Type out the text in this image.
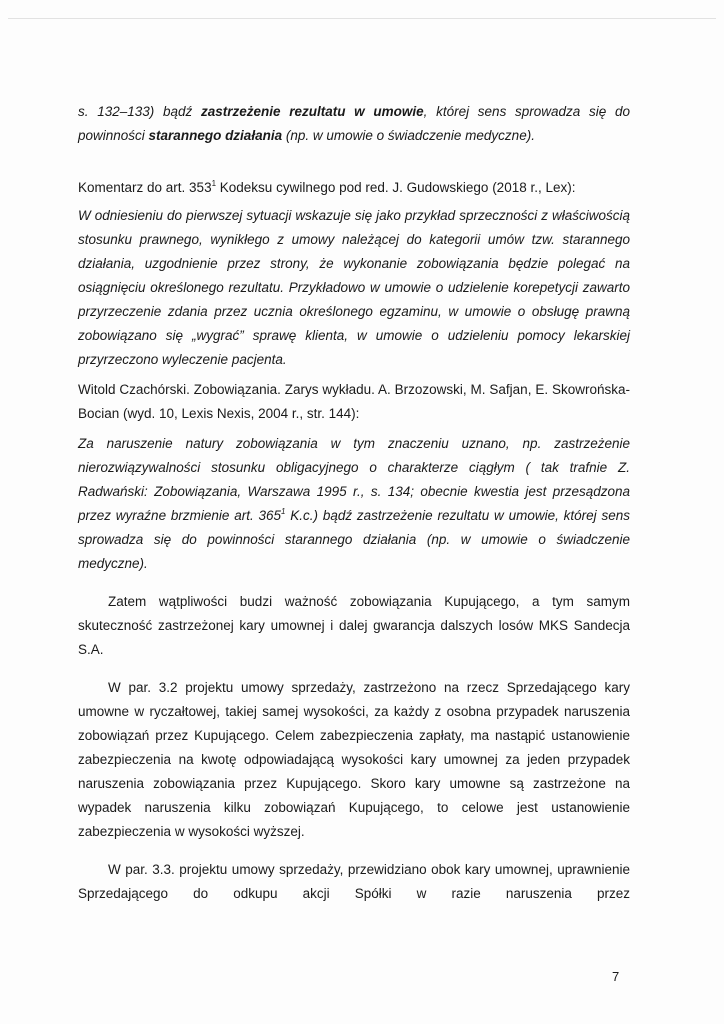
s. 132–133) bądź zastrzeżenie rezultatu w umowie, której sens sprowadza się do powinności starannego działania (np. w umowie o świadczenie medyczne).

Komentarz do art. $353^1$ Kodeksu cywilnego pod red. J. Gudowskiego (2018 r., Lex):

W odniesieniu do pierwszej sytuacji wskazuje się jako przykład sprzeczności z właściwością stosunku prawnego, wynikłego z umowy należącej do kategorii umów tzw. starannego działania, uzgodnienie przez strony, że wykonanie zobowiązania będzie polegać na osiągnięciu określonego rezultatu. Przykładowo w umowie o udzielenie korepetycji zawarto przyrzeczenie zdania przez ucznia określonego egzaminu, w umowie o obsługę prawną zobowiązano się „wygrać” sprawę klienta, w umowie o udzieleniu pomocy lekarskiej przyrzeczono wyleczenie pacjenta.

Witold Czachórski. Zobowiązania. Zarys wykładu. A. Brzozowski, M. Safjan, E. Skowrońska-Bocian (wyd. 10, Lexis Nexis, 2004 r., str. 144):

Za naruszenie natury zobowiązania w tym znaczeniu uznano, np. zastrzeżenie nierozwiązywalności stosunku obligacyjnego o charakterze ciągłym ( tak trafnie Z. Radwański: Zobowiązania, Warszawa 1995 r., s. 134; obecnie kwestia jest przesądzona przez wyraźne brzmienie art. $365^1$ K.c.) bądź zastrzeżenie rezultatu w umowie, której sens sprowadza się do powinności starannego działania (np. w umowie o świadczenie medyczne).

Zatem wątpliwości budzi ważność zobowiązania Kupującego, a tym samym skuteczność zastrzeżonej kary umownej i dalej gwarancja dalszych losów MKS Sandecja S.A.

W par. 3.2 projektu umowy sprzedaży, zastrzeżono na rzecz Sprzedającego kary umowne w ryczałtowej, takiej samej wysokości, za każdy z osobna przypadek naruszenia zobowiązań przez Kupującego. Celem zabezpieczenia zapłaty, ma nastąpić ustanowienie zabezpieczenia na kwotę odpowiadającą wysokości kary umownej za jeden przypadek naruszenia zobowiązania przez Kupującego. Skoro kary umowne są zastrzeżone na wypadek naruszenia kilku zobowiązań Kupującego, to celowe jest ustanowienie zabezpieczenia w wysokości wyższej.

W par. 3.3. projektu umowy sprzedaży, przewidziano obok kary umownej, uprawnienie Sprzedającego do odkupu akcji Spółki w razie naruszenia przez

7
